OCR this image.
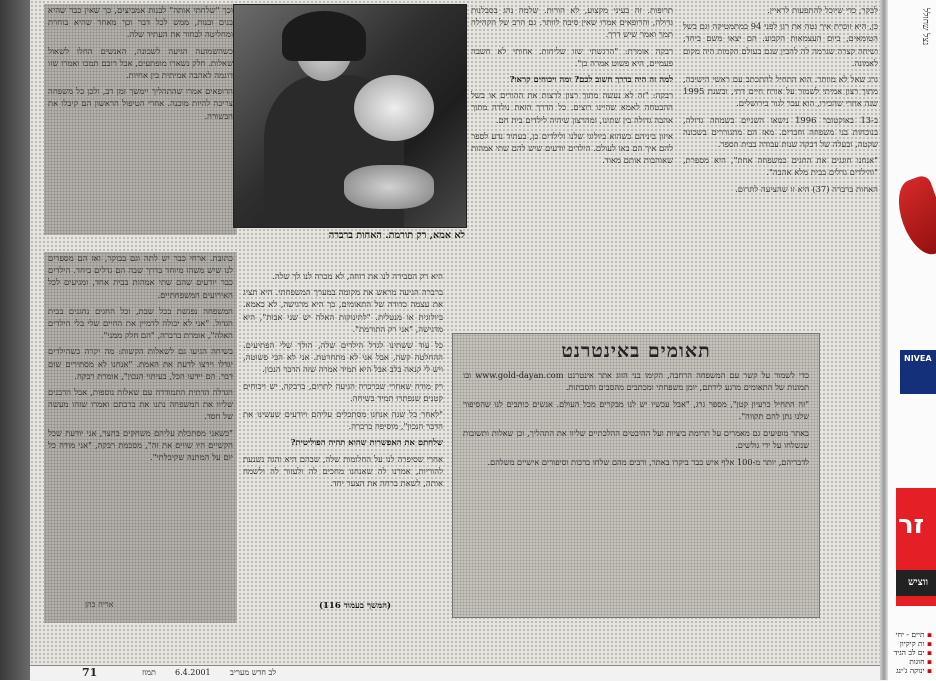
לבקר, כדי שיוכל להתפעות לראיין.

כן, היא זוכרת איך גטה את רגן לפני 94 במתמטיקה וגם בשל הטומאים, ביום העצמאות הקבוע. הם יצאו משם ביחד, ושיחה קצרה שגרמה לה להבין שגם בעולם הקמות היה מקום לאמונה.

גרג שאל לא מוותר. הוא התחיל להתכתב עם ראשי הישיבה, מתוך רצון אמיתי לשמור על אורח חיים דתי, ובשנת 1995 שנה אחרי שהכירו, הוא עבר לגור בירושלים.

ב-13 באוקטובר 1996 נישאו השניים בשמחה גדולה, בנוכחות בני משפחה וחברים. מאז הם מתגוררים בשכונה שקטה, ובעלה של רבקה שנות עבודה בבית הספר.

"אנחנו חוגגים את החגים כמשפחה אחת", היא מספרת, "והילדים גדלים בבית מלא אהבה".

האחות ברברה (37) היא זו שהציעה לתרום.

תרופות. זה בעיני מקצוע, לא הורות. שלמה נהג בסבלנות גדולה, והרופאים אמרו שאין סיבה לוותר. גם הרב של הקהילה תמך ואמר שיש דרך.

רבקה אומרת: "הרגשתי שזו שליחות. אחותי לא חשבה פעמיים, היא פשוט אמרה כן".

למה זה היה בדרך חשוב לכם? ומה ויכוחים קראו?

רבקה: "זה לא נעשה מתוך רצון לרצות את ההורים או בשל ההבטחה לאמא שהיינו רוצים. כל הדרך הזאת נולדה מתוך אהבה גדולה בין שתינו, ומהרצון שיהיה לילדים בית חם.

איזון ביניהם כשהוא ביולוגי שלנו ולילדים כן, בעתיד נדע לספר להם איך הם באו לעולם. הילדים יודעים שיש להם שתי אמהות שאוהבות אותם מאוד.

היא רק הסבירה לנו את רוחה, לא מכרה לנו לך שלה.

ברברה הגיעה מראש את מקומה במערך המשפחתי. היא תציג את עצמה כדודה של התאומים, כך היא מרגישה, לא כאמא. ביולוגית או מנטלית. "לתינוקות האלה יש שני אבות", היא מדגישה, "אני רק התורמת".

כל עוד ששתינו לגדל הילדים שלה, הולך שלי הפתיעים. ההחלטה קשה, אבל אני לא מתחרטת. אני לא הכי פשוטה, ויש לי קנאה בלב אבל היא תמיד אמרה שזה הדבר הנכון.

רק מודה שאחרי שברברה הגיעה לתרום, ברבקה, יש ויכוחים קטנים שנפתרו תמיד בשיחה.

"לאחר כל שנה אנחנו מסתכלים עליהם ויודעים שעשינו את הדבר הנכון", מוסיפה ברברה.

שלחתם את האפשרות שהוא תהיה הפוליטית?

אחרי שסיפרה לנו על החלומות שלה, שבהם היא והגה נשנעת להוריות, אמרנו לה שאנחנו מחכים לה ולעזור לה ולשמח אותה, לשאת ברחה את הצער יחד.

וכך "שלחתי אותה" לבנות אמביצים, כך שאין כבר שהיא בנים ובנות, ממש לכל דבר וכך מאחר שהיא בוחרת ומחליטה לבחור את העתיד שלה.

כשהשמועה הגיעה לשכונה, האנשים החלו לשאול שאלות. חלק נשארו מופתעים, אבל רובם תמכו ואמרו שזו דוגמה לאהבה אמיתית בין אחיות.

הרופאים אמרו שהתהליך יימשך זמן רב, ולכן כל משפחה צריכה להיות מוכנה. אחרי הטיפול הראשון הם קיבלו את הבשורה.

כתובת. ארחי כבר יש לתה וגם בבוקר, ואז הם מספרים לנו שיש משהו מיוחד בדרך שבה הם גדלים ביחד. הילדים כבר יודעים שהם שתי אמהות בבית אחד, ומגיעים לכל האירועים המשפחתיים.

המשפחה נפגשת בכל שבת, וכל החגים נחגגים בבית הגדול. "אני לא יכולה לדמיין את החיים שלי בלי הילדים האלה", אומרת ברברה, "הם חלק ממני".

בשיחה הגיעו גם לשאלות הקשות: מה יקרה כשהילדים יגדלו וירצו לדעת את האמת. "אנחנו לא מסתירים שום דבר. הם יידעו הכל, בעיתוי הנכון", אומרת רבקה.

הגדלה הדתית התמודדה עם שאלות נוספות, אבל הרבנים שליוו את המשפחה נתנו את ברכתם ואמרו שזהו מעשה של חסד.

"כשאני מסתכלת עליהם משחקים בחצר, אני יודעת שכל הקשיים היו שווים את זה", מסכמת רבקה, "אני מודה כל יום על המתנה שקיבלתי".

אריה כהן
לא אמא, רק תורמת. האחות ברברה
תאומים באינטרנט

כדי לשמור על קשר עם המשפחה הרחבה, הקימו בני הזוג אתר אינטרנט www.gold-dayan.com ובו תמונות של התאומים מרגע לידתם, יומן משפחתי ומכתבים מהסבים והסבתות.

"זה התחיל כרעיון קטן", מספר גרג, "אבל עכשיו יש לנו מבקרים מכל העולם. אנשים כותבים לנו שהסיפור שלנו נתן להם תקווה".

באתר מופיעים גם מאמרים על תרומת ביציות ועל ההיבטים ההלכתיים שליוו את התהליך, וכן שאלות ותשובות שנשלחו על ידי גולשים.

לדבריהם, יותר מ-100 אלף איש כבר ביקרו באתר, ורבים מהם שלחו ברכות וסיפורים אישיים משלהם.

(המשך בעמוד 116)
71	תמוז 6.4.2001 לב חדש מעריב
נצל שחולל
NIVEA
זר
ווציש
▪ תיים - יחי
▪ ות קיקיון
▪ ים לב הגיד
▪ חוגות
▪ ינוקה ג'ינג
